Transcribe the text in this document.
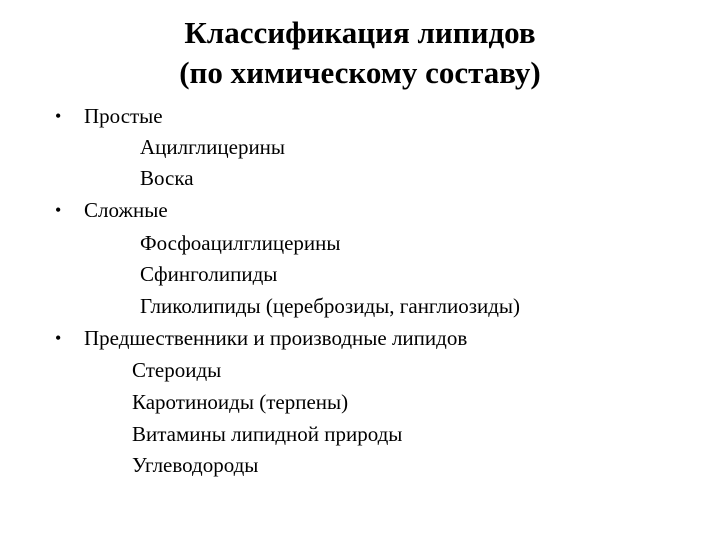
Классификация липидов
(по химическому составу)
• Простые
Ацилглицерины
Воска
• Сложные
Фосфоацилглицерины
Сфинголипиды
Гликолипиды (цереброзиды, ганглиозиды)
• Предшественники и производные липидов
Стероиды
Каротиноиды (терпены)
Витамины липидной природы
Углеводороды
